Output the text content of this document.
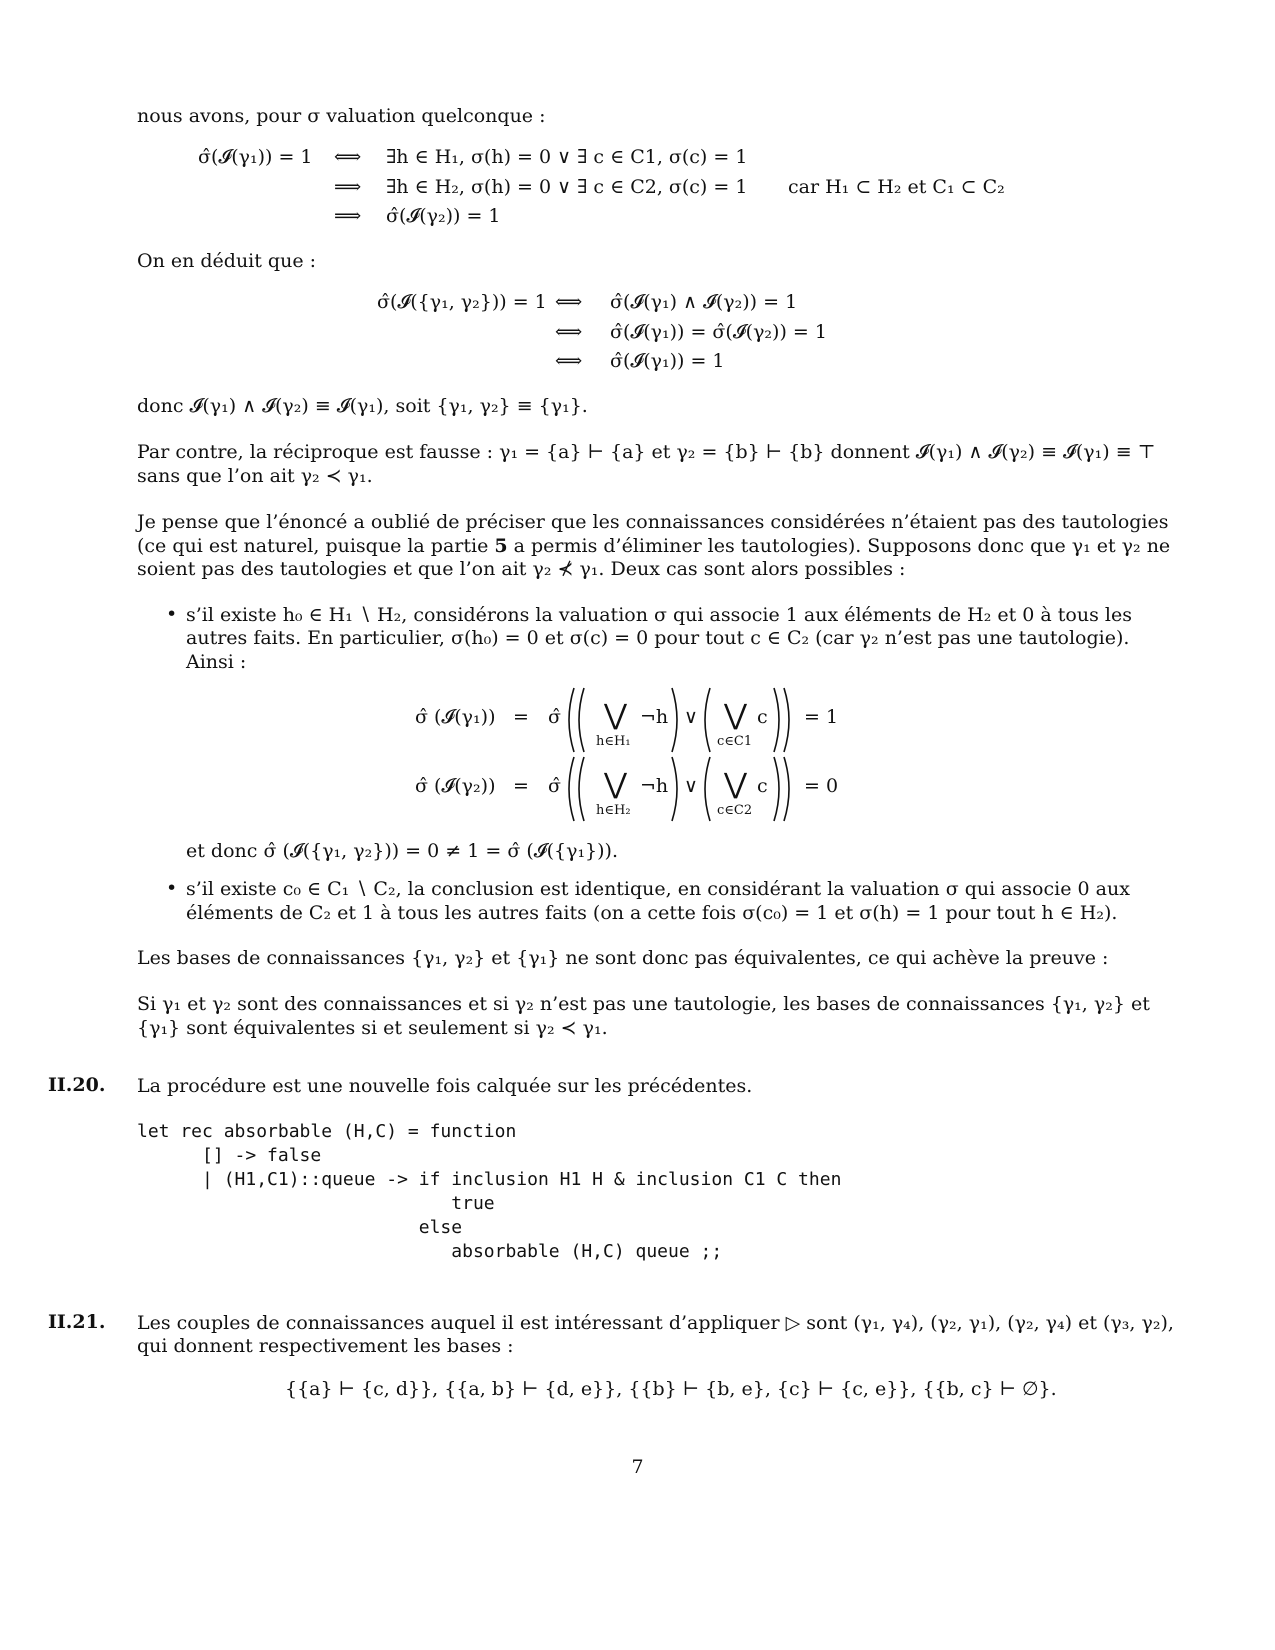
nous avons, pour σ valuation quelconque :
σ̂(𝓘(γ₁)) = 1 ⟺ ∃h ∈ H₁, σ(h) = 0 ∨ ∃ c ∈ C1, σ(c) = 1
⟹ ∃h ∈ H₂, σ(h) = 0 ∨ ∃ c ∈ C2, σ(c) = 1 car H₁ ⊂ H₂ et C₁ ⊂ C₂
⟹ σ̂(𝓘(γ₂)) = 1
On en déduit que :
σ̂(𝓘({γ₁, γ₂})) = 1 ⟺ σ̂(𝓘(γ₁) ∧ 𝓘(γ₂)) = 1
⟺ σ̂(𝓘(γ₁)) = σ̂(𝓘(γ₂)) = 1
⟺ σ̂(𝓘(γ₁)) = 1
donc 𝓘(γ₁) ∧ 𝓘(γ₂) ≡ 𝓘(γ₁), soit {γ₁, γ₂} ≡ {γ₁}.
Par contre, la réciproque est fausse : γ₁ = {a} ⊢ {a} et γ₂ = {b} ⊢ {b} donnent 𝓘(γ₁) ∧ 𝓘(γ₂) ≡ 𝓘(γ₁) ≡ ⊤
sans que l’on ait γ₂ ≺ γ₁.
Je pense que l’énoncé a oublié de préciser que les connaissances considérées n’étaient pas des tautologies
(ce qui est naturel, puisque la partie 5 a permis d’éliminer les tautologies). Supposons donc que γ₁ et γ₂ ne
soient pas des tautologies et que l’on ait γ₂ ⊀ γ₁. Deux cas sont alors possibles :
• s’il existe h₀ ∈ H₁ ∖ H₂, considérons la valuation σ qui associe 1 aux éléments de H₂ et 0 à tous les
autres faits. En particulier, σ(h₀) = 0 et σ(c) = 0 pour tout c ∈ C₂ (car γ₂ n’est pas une tautologie).
Ainsi :
σ̂ (𝓘(γ₁)) = σ̂ ⋁ ¬h
h∈H₁
∨ ⋁ c
c∈C1
= 1
σ̂ (𝓘(γ₂)) = σ̂ ⋁ ¬h
h∈H₂
∨ ⋁ c
c∈C2
= 0
et donc σ̂ (𝓘({γ₁, γ₂})) = 0 ≠ 1 = σ̂ (𝓘({γ₁})).
• s’il existe c₀ ∈ C₁ ∖ C₂, la conclusion est identique, en considérant la valuation σ qui associe 0 aux
éléments de C₂ et 1 à tous les autres faits (on a cette fois σ(c₀) = 1 et σ(h) = 1 pour tout h ∈ H₂).
Les bases de connaissances {γ₁, γ₂} et {γ₁} ne sont donc pas équivalentes, ce qui achève la preuve :
Si γ₁ et γ₂ sont des connaissances et si γ₂ n’est pas une tautologie, les bases de connaissances {γ₁, γ₂} et
{γ₁} sont équivalentes si et seulement si γ₂ ≺ γ₁.
II.20. La procédure est une nouvelle fois calquée sur les précédentes.
let rec absorbable (H,C) = function
[] -> false
| (H1,C1)::queue -> if inclusion H1 H & inclusion C1 C then
true
else
absorbable (H,C) queue ;;
II.21. Les couples de connaissances auquel il est intéressant d’appliquer ▷ sont (γ₁, γ₄), (γ₂, γ₁), (γ₂, γ₄) et (γ₃, γ₂),
qui donnent respectivement les bases :
{{a} ⊢ {c, d}}, {{a, b} ⊢ {d, e}}, {{b} ⊢ {b, e}, {c} ⊢ {c, e}}, {{b, c} ⊢ ∅}.
7
